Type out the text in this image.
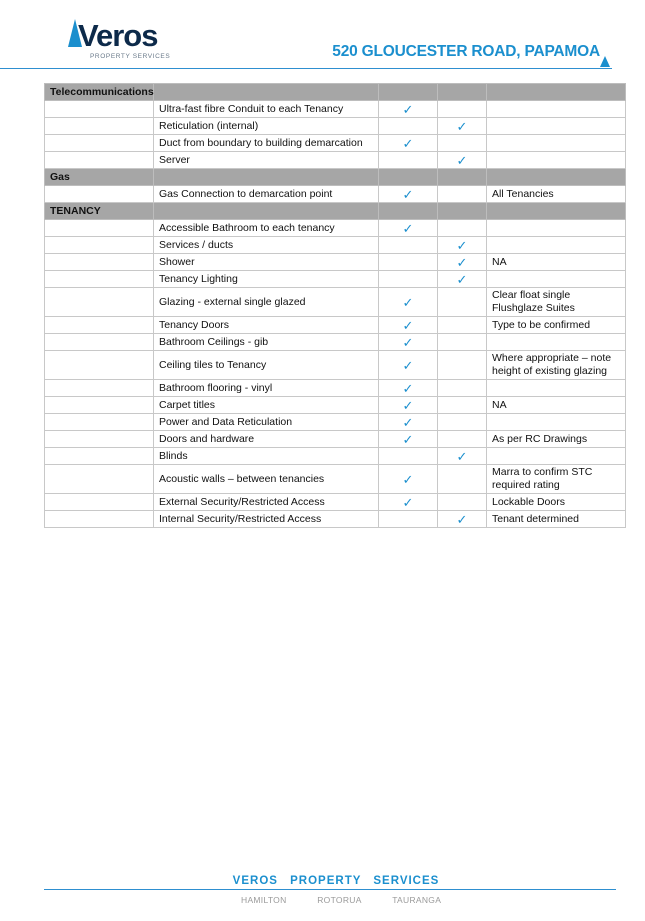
Veros
PROPERTY SERVICES	520 GLOUCESTER ROAD, PAPAMOA
Telecommunications				
	Ultra-fast fibre Conduit to each Tenancy	✓		
	Reticulation (internal)		✓	
	Duct from boundary to building demarcation	✓		
	Server		✓	
Gas				
	Gas Connection to demarcation point	✓		All Tenancies
TENANCY				
	Accessible Bathroom to each tenancy	✓		
	Services / ducts		✓	
	Shower		✓	NA
	Tenancy Lighting		✓	
	Glazing - external single glazed	✓		Clear float single Flushglaze Suites
	Tenancy Doors	✓		Type to be confirmed
	Bathroom Ceilings - gib	✓		
	Ceiling tiles to Tenancy	✓		Where appropriate – note height of existing glazing
	Bathroom flooring - vinyl	✓		
	Carpet titles	✓		NA
	Power and Data Reticulation	✓		
	Doors and hardware	✓		As per RC Drawings
	Blinds		✓	
	Acoustic walls – between tenancies	✓		Marra to confirm STC required rating
	External Security/Restricted Access	✓		Lockable Doors
	Internal Security/Restricted Access		✓	Tenant determined
VEROS PROPERTY SERVICES
HAMILTON	ROTORUA	TAURANGA
